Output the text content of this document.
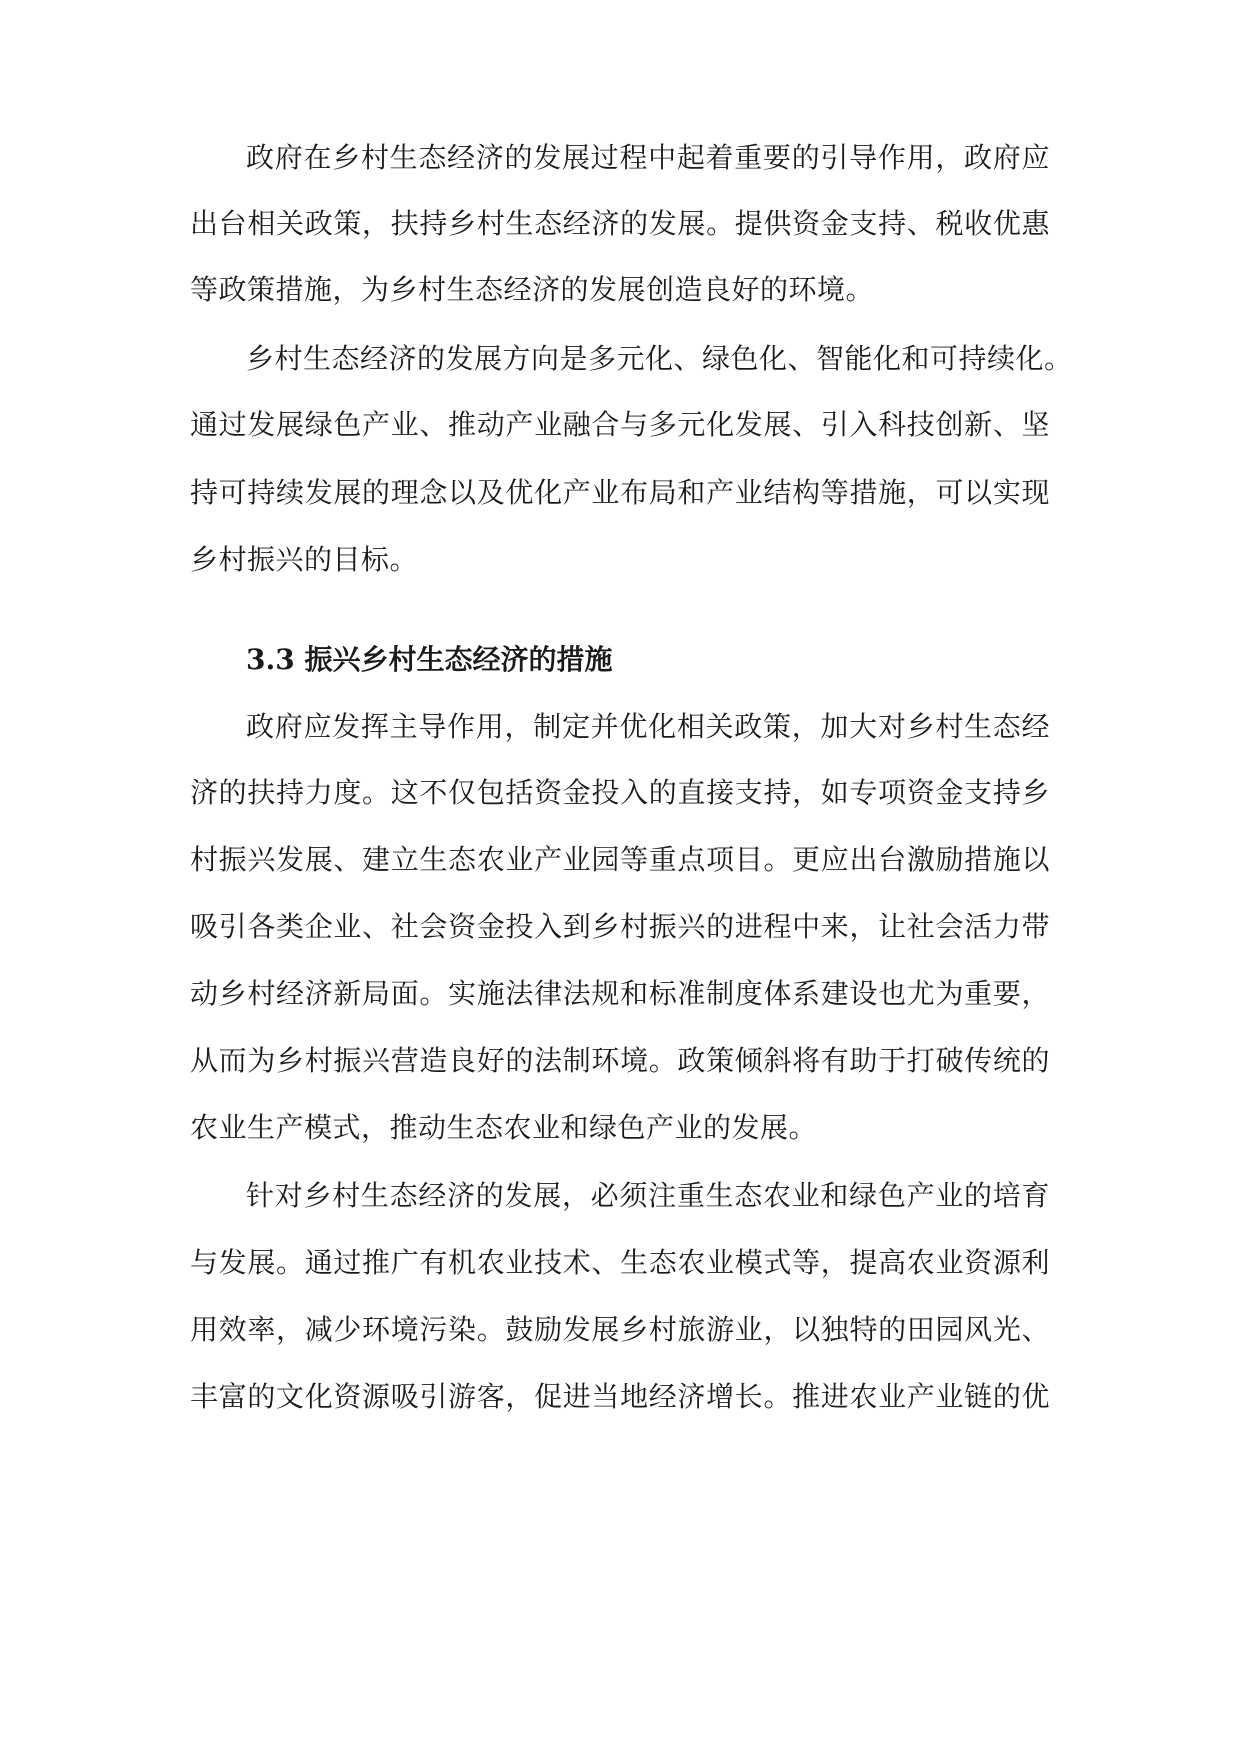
政府在乡村生态经济的发展过程中起着重要的引导作用，政府应
出台相关政策，扶持乡村生态经济的发展。提供资金支持、税收优惠
等政策措施，为乡村生态经济的发展创造良好的环境。
乡村生态经济的发展方向是多元化、绿色化、智能化和可持续化。
通过发展绿色产业、推动产业融合与多元化发展、引入科技创新、坚
持可持续发展的理念以及优化产业布局和产业结构等措施，可以实现
乡村振兴的目标。
3.3 振兴乡村生态经济的措施
政府应发挥主导作用，制定并优化相关政策，加大对乡村生态经
济的扶持力度。这不仅包括资金投入的直接支持，如专项资金支持乡
村振兴发展、建立生态农业产业园等重点项目。更应出台激励措施以
吸引各类企业、社会资金投入到乡村振兴的进程中来，让社会活力带
动乡村经济新局面。实施法律法规和标准制度体系建设也尤为重要，
从而为乡村振兴营造良好的法制环境。政策倾斜将有助于打破传统的
农业生产模式，推动生态农业和绿色产业的发展。
针对乡村生态经济的发展，必须注重生态农业和绿色产业的培育
与发展。通过推广有机农业技术、生态农业模式等，提高农业资源利
用效率，减少环境污染。鼓励发展乡村旅游业，以独特的田园风光、
丰富的文化资源吸引游客，促进当地经济增长。推进农业产业链的优
